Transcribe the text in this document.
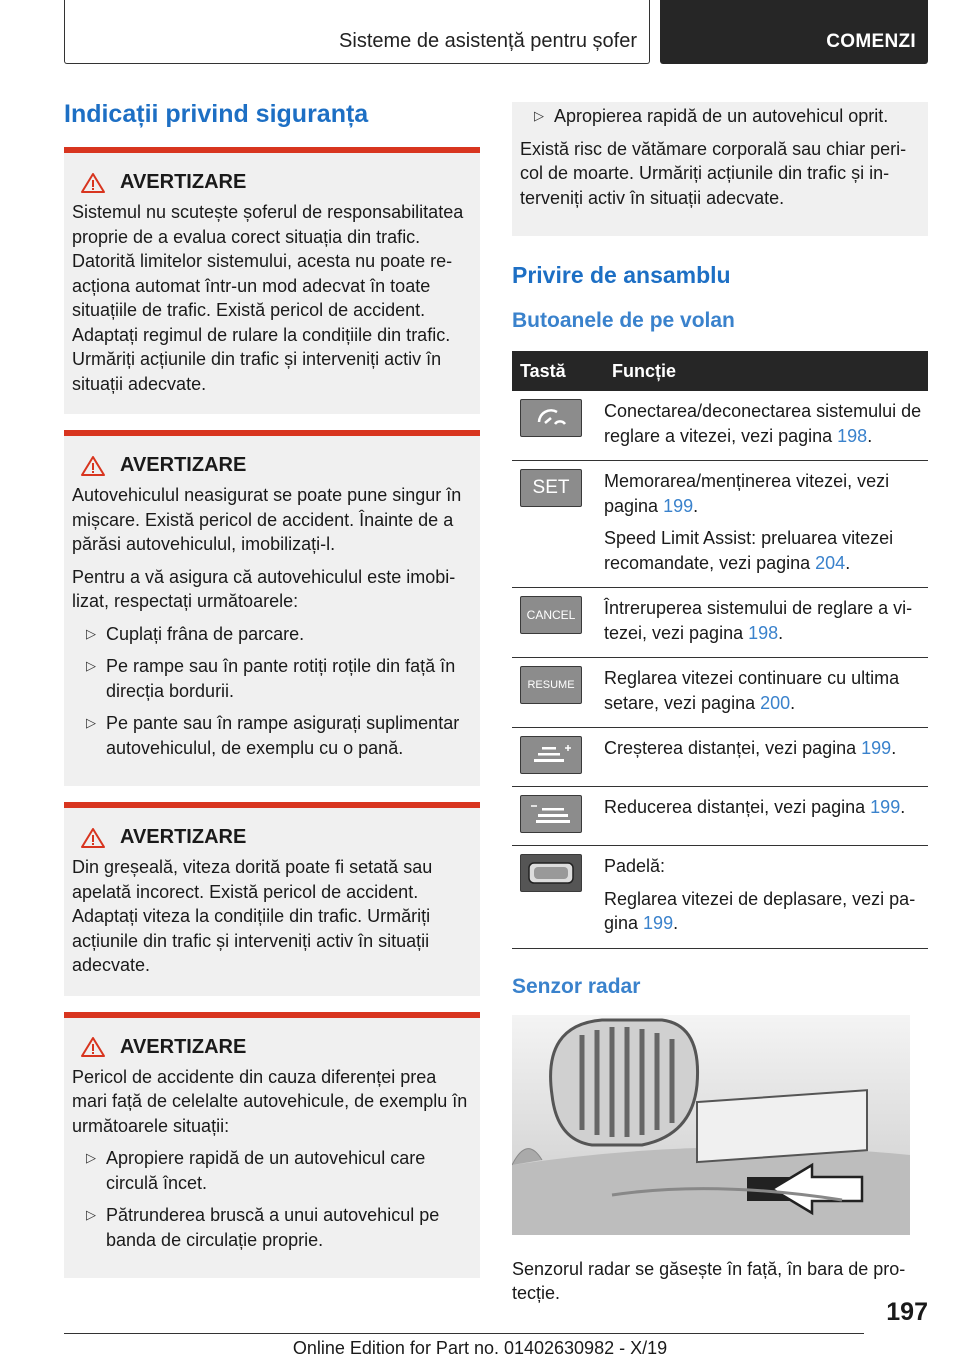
Sisteme de asistență pentru șofer	COMENZI
Indicații privind siguranța
AVERTIZARE

Sistemul nu scutește șoferul de responsabilitatea proprie de a evalua corect situația din trafic. Datorită limitelor sistemului, acesta nu poate reacționa automat într-un mod adecvat în toate situațiile de trafic. Există pericol de accident. Adaptați regimul de rulare la condițiile din trafic. Urmăriți acțiunile din trafic și interveniți activ în situații adecvate.

AVERTIZARE

Autovehiculul neasigurat se poate pune singur în mișcare. Există pericol de accident. Înainte de a părăsi autovehiculul, imobilizați-l.

Pentru a vă asigura că autovehiculul este imobilizat, respectați următoarele:

▷ Cuplați frâna de parcare.
▷ Pe rampe sau în pante rotiți roțile din față în direcția bordurii.
▷ Pe pante sau în rampe asigurați suplimentar autovehiculul, de exemplu cu o pană.
AVERTIZARE

Din greșeală, viteza dorită poate fi setată sau apelată incorect. Există pericol de accident. Adaptați viteza la condițiile din trafic. Urmăriți acțiunile din trafic și interveniți activ în situații adecvate.

AVERTIZARE

Pericol de accidente din cauza diferenței prea mari față de celelalte autovehicule, de exemplu în următoarele situații:

▷ Apropiere rapidă de un autovehicul care circulă încet.
▷ Pătrunderea bruscă a unui autovehicul pe banda de circulație proprie.
▷ Apropierea rapidă de un autovehicul oprit.

Există risc de vătămare corporală sau chiar pericol de moarte. Urmăriți acțiunile din trafic și interveniți activ în situații adecvate.

Privire de ansamblu
Butoanele de pe volan
Tastă	Funcție

Conectarea/deconectarea sistemului de reglare a vitezei, vezi pagina 198.

SET	Memorarea/menținerea vitezei, vezi pagina 199.

Speed Limit Assist: preluarea vitezei recomandate, vezi pagina 204.

CANCEL	Întreruperea sistemului de reglare a vitezei, vezi pagina 198.

RESUME	Reglarea vitezei continuare cu ultima setare, vezi pagina 200.

Creșterea distanței, vezi pagina 199.

Reducerea distanței, vezi pagina 199.

Padelă:

Reglarea vitezei de deplasare, vezi pagina 199.

Senzor radar

Senzorul radar se găsește în față, în bara de protecție.

197
Online Edition for Part no. 01402630982 - X/19
